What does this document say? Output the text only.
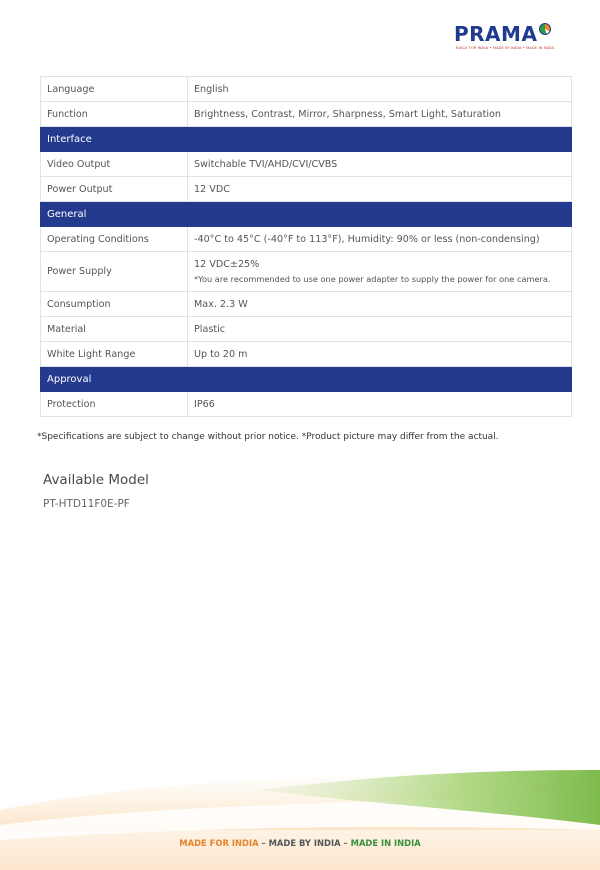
PRAMA
BUILD FOR INDIA • MADE BY INDIA • MADE IN INDIA
Language	English
Function	Brightness, Contrast, Mirror, Sharpness, Smart Light, Saturation
Interface	
Video Output	Switchable TVI/AHD/CVI/CVBS
Power Output	12 VDC
General	
Operating Conditions	-40°C to 45°C (-40°F to 113°F), Humidity: 90% or less (non-condensing)
Power Supply	12 VDC±25%
*You are recommended to use one power adapter to supply the power for one camera.

Consumption	Max. 2.3 W
Material	Plastic
White Light Range	Up to 20 m
Approval	
Protection	IP66
*Specifications are subject to change without prior notice. *Product picture may differ from the actual.
Available Model
PT-HTD11F0E-PF
MADE FOR INDIA – MADE BY INDIA – MADE IN INDIA
